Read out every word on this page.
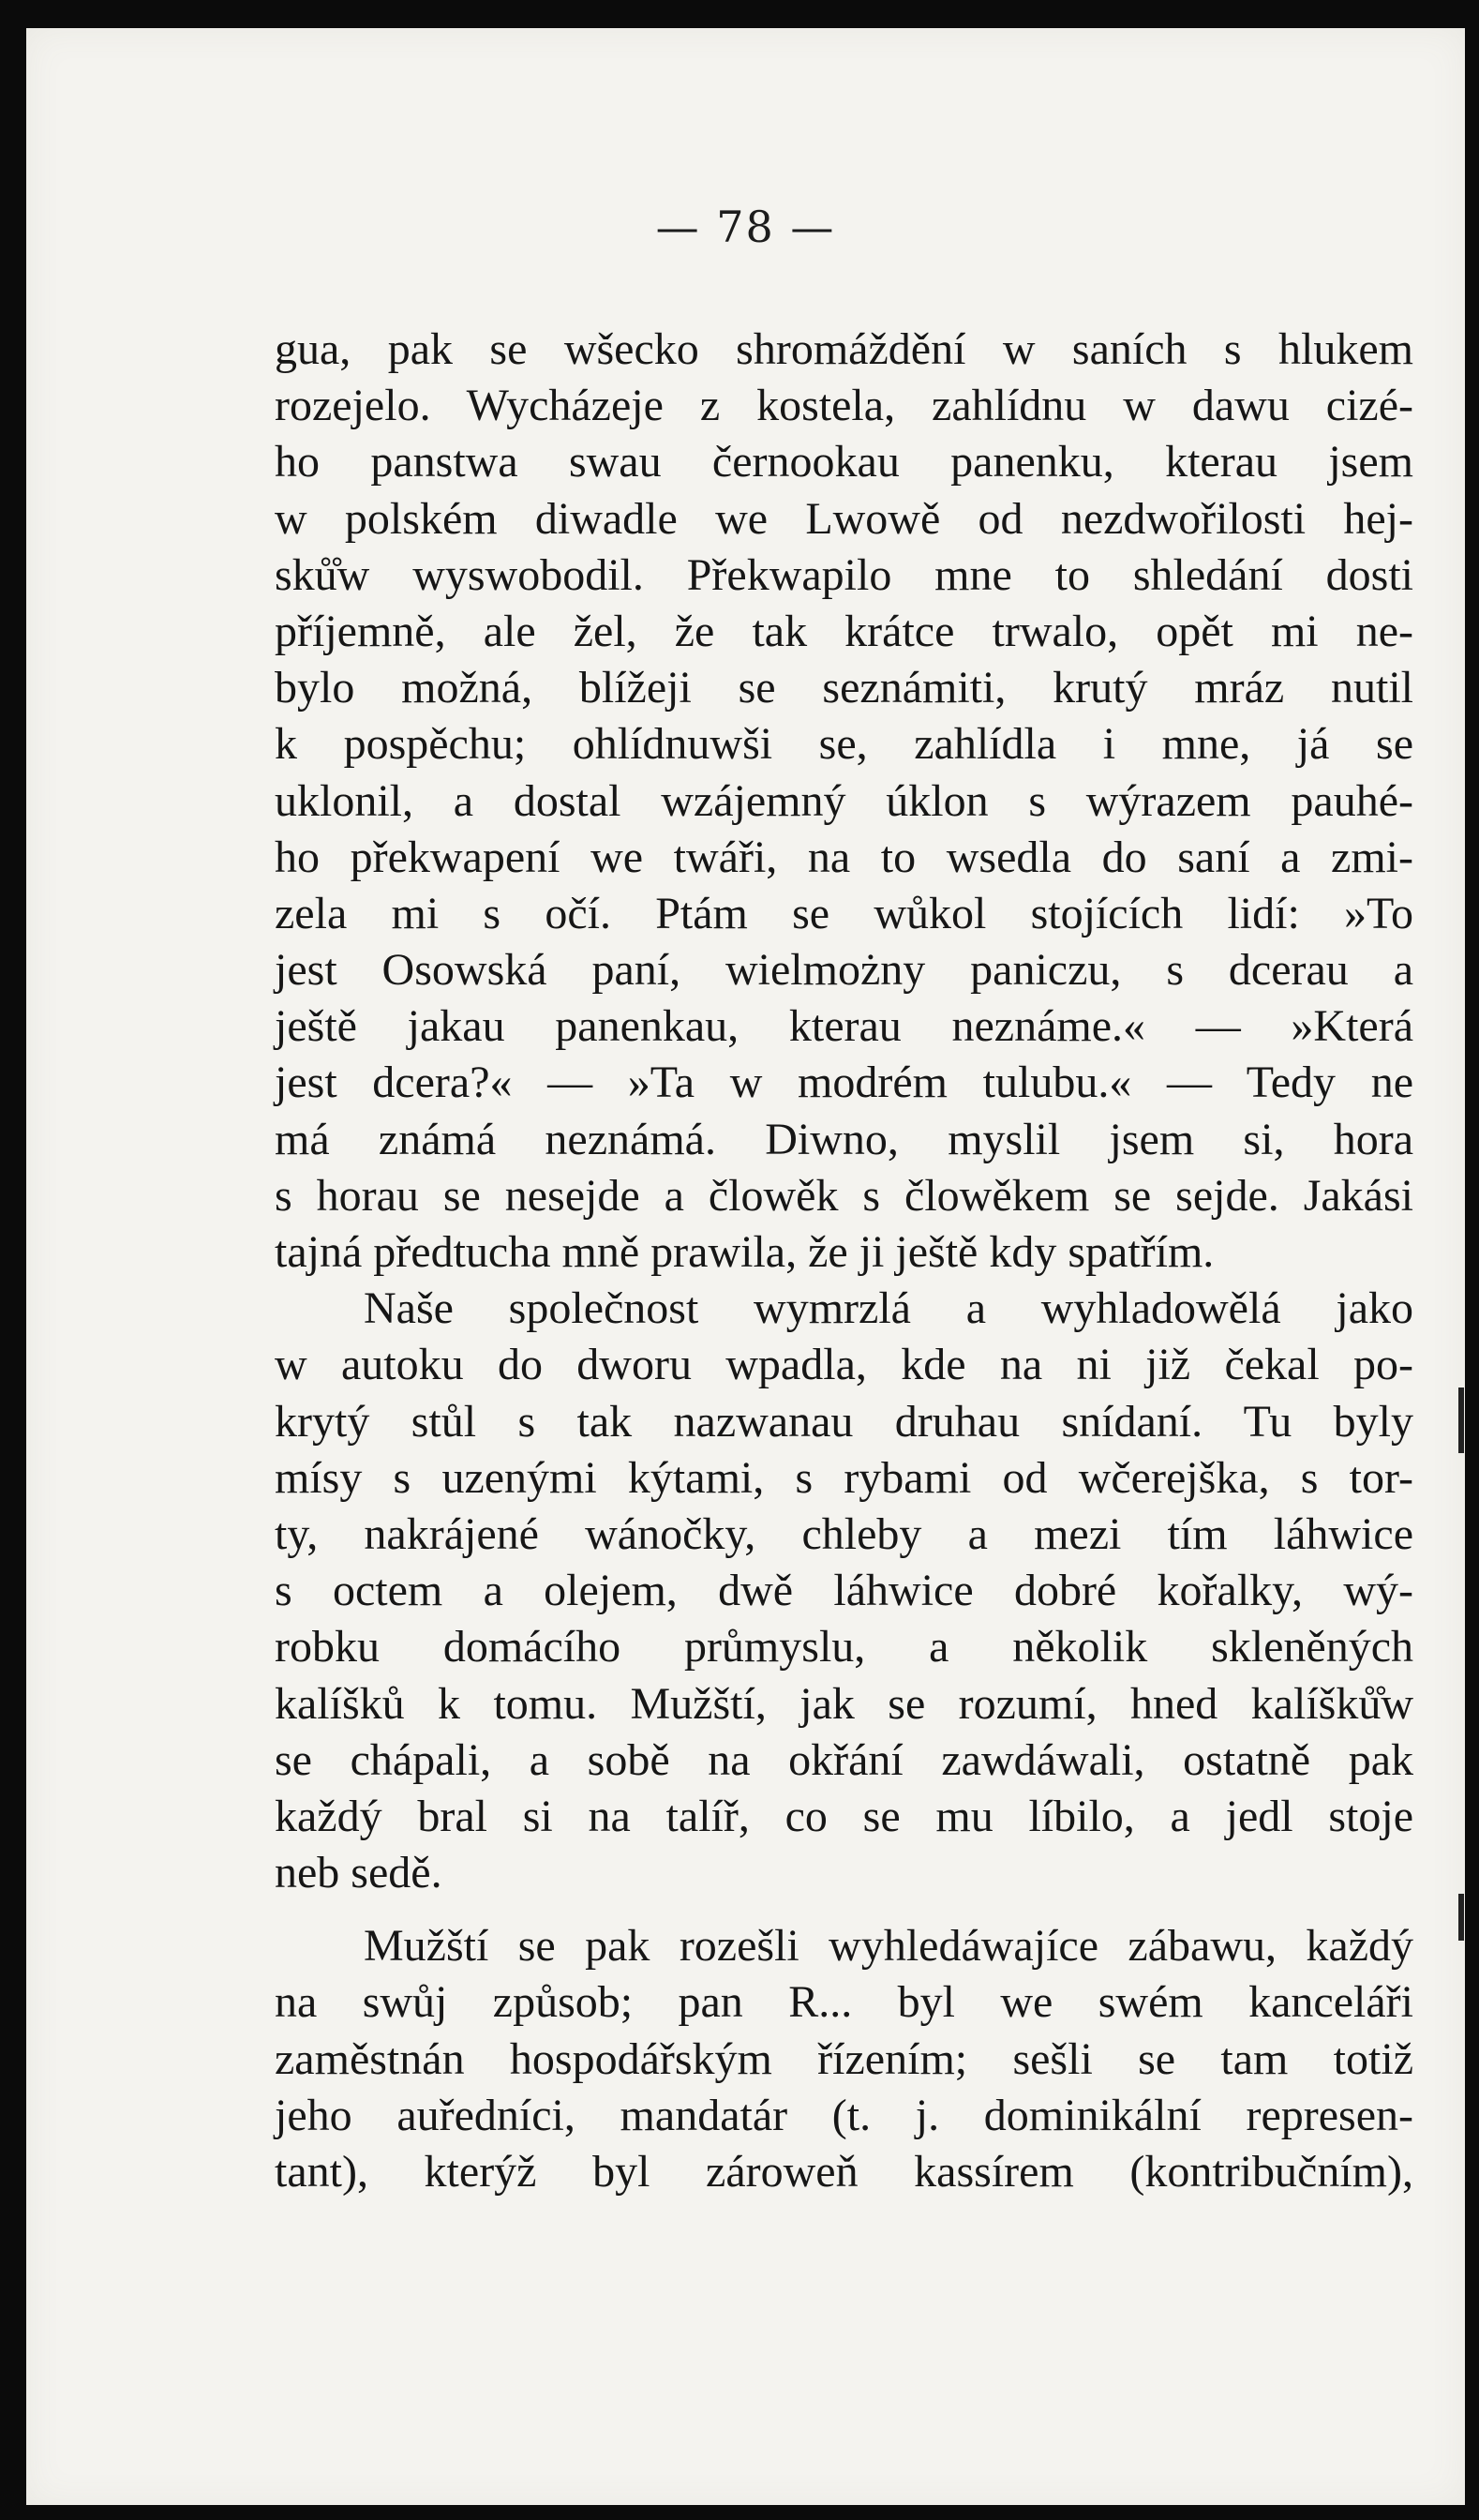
— 78 —
gua, pak se wšecko shromáždění w saních s hlukem
rozejelo. Wycházeje z kostela, zahlídnu w dawu cizé-
ho panstwa swau černookau panenku, kterau jsem
w polském diwadle we Lwowě od nezdwořilosti hej-
sků̊w wyswobodil. Překwapilo mne to shledání dosti
příjemně, ale žel, že tak krátce trwalo, opět mi ne-
bylo možná, blížeji se seznámiti, krutý mráz nutil
k pospěchu; ohlídnuwši se, zahlídla i mne, já se
uklonil, a dostal wzájemný úklon s wýrazem pauhé-
ho překwapení we twáři, na to wsedla do saní a zmi-
zela mi s očí. Ptám se wůkol stojících lidí: »To
jest Osowská paní, wielmożny paniczu, s dcerau a
ještě jakau panenkau, kterau neznáme.« — »Která
jest dcera?« — »Ta w modrém tulubu.« — Tedy ne
má známá neznámá. Diwno, myslil jsem si, hora
s horau se nesejde a člowěk s člowěkem se sejde. Jakási
tajná předtucha mně prawila, že ji ještě kdy spatřím.
Naše společnost wymrzlá a wyhladowělá jako
w autoku do dworu wpadla, kde na ni již čekal po-
krytý stůl s tak nazwanau druhau snídaní. Tu byly
mísy s uzenými kýtami, s rybami od wčerejška, s tor-
ty, nakrájené wánočky, chleby a mezi tím láhwice
s octem a olejem, dwě láhwice dobré kořalky, wý-
robku domácího průmyslu, a několik skleněných
kalíšků k tomu. Mužští, jak se rozumí, hned kalíšků̊w
se chápali, a sobě na okřání zawdáwali, ostatně pak
každý bral si na talíř, co se mu líbilo, a jedl stoje
neb sedě.
Mužští se pak rozešli wyhledáwajíce zábawu, každý
na swůj způsob; pan R... byl we swém kanceláři
zaměstnán hospodářským řízením; sešli se tam totiž
jeho auředníci, mandatár (t. j. dominikální represen-
tant), kterýž byl zároweň kassírem (kontribučním),
